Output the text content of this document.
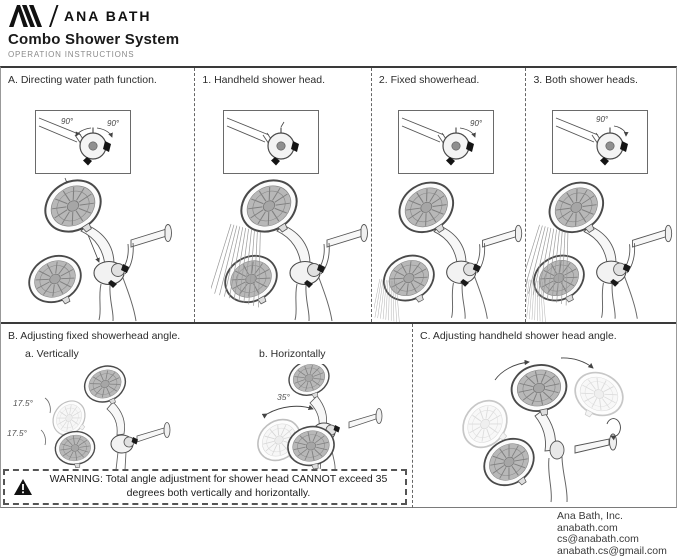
ANA BATH
Combo Shower System
OPERATION INSTRUCTIONS
A. Directing water path function.
90°	90°
1. Handheld shower head.	2. Fixed showerhead.
90°
3. Both shower heads.
90°
B. Adjusting fixed showerhead angle.
a. Vertically	b. Horizontally
17.5°
17.5°
35°
WARNING: Total angle adjustment for shower head CANNOT exceed 35 degrees both vertically and horizontally.
C. Adjusting handheld shower head angle.
Ana Bath, Inc.
anabath.com
cs@anabath.com
anabath.cs@gmail.com
